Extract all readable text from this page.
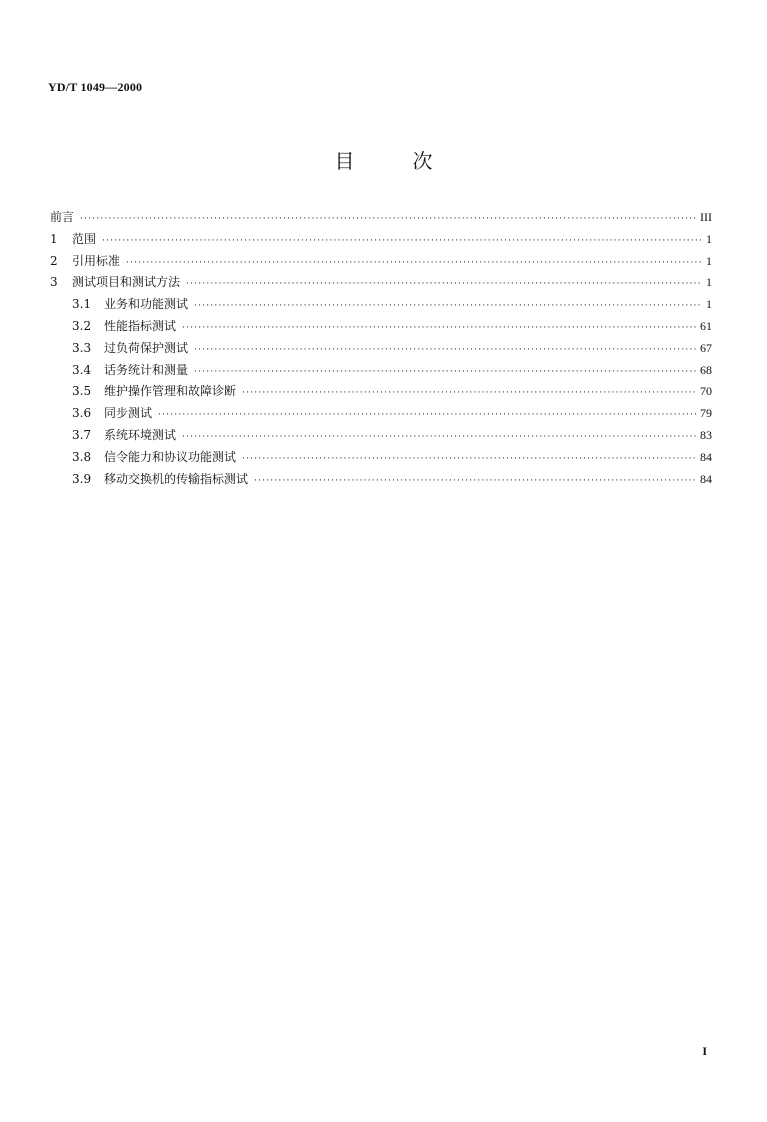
YD/T 1049—2000
目次
前言 ·····	III
1	范围 ·····	1
2	引用标准 ·····	1
3	测试项目和测试方法 ·····	1
3.1	业务和功能测试 ·····	1
3.2	性能指标测试 ·····	61
3.3	过负荷保护测试 ·····	67
3.4	话务统计和测量 ·····	68
3.5	维护操作管理和故障诊断 ·····	70
3.6	同步测试 ·····	79
3.7	系统环境测试 ·····	83
3.8	信令能力和协议功能测试 ·····	84
3.9	移动交换机的传输指标测试 ·····	84
I
